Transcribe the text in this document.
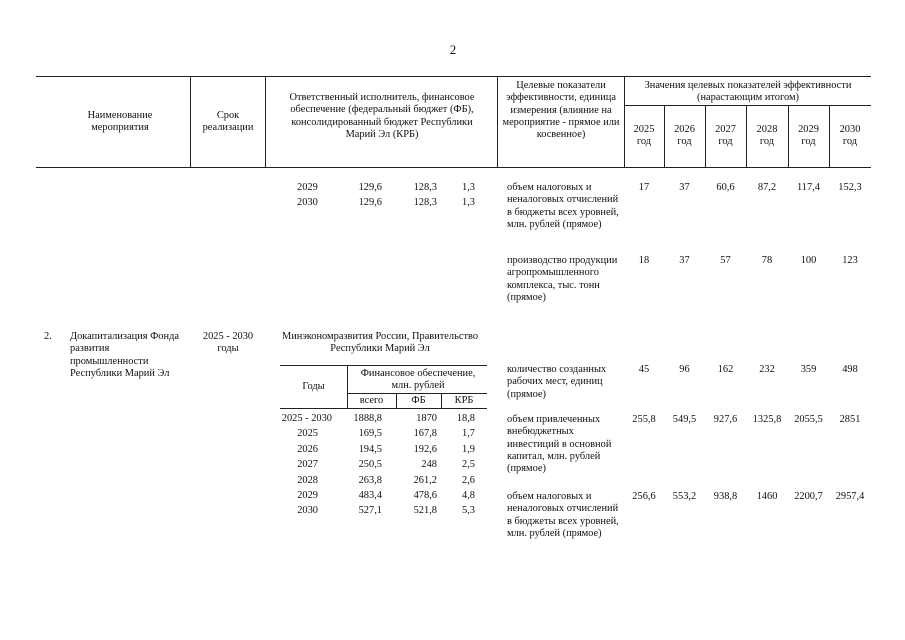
2
Наименование мероприятия
Срок реализации
Ответственный исполнитель, финансовое обеспечение (федеральный бюджет (ФБ), консолидированный бюджет Республики Марий Эл (КРБ)
Целевые показатели эффективности, единица измерения (влияние на мероприятие - прямое или косвенное)
Значения целевых показателей эффективности (нарастающим итогом)
2025
год
2026
год
2027
год
2028
год
2029
год
2030
год
2029	129,6	128,3	1,3
2030	129,6	128,3	1,3
объем налоговых и неналоговых отчислений в бюджеты всех уровней, млн. рублей (прямое)
17	37	60,6	87,2	117,4	152,3
производство продукции агропромышленного комплекса, тыс. тонн (прямое)
18	37	57	78	100	123
2. Докапитализация Фонда развития промышленности Республики Марий Эл
2025 - 2030 годы
Минэкономразвития России, Правительство Республики Марий Эл
Годы
Финансовое обеспечение, млн. рублей
всего	ФБ	КРБ
2025 - 2030	1888,8	1870	18,8
2025	169,5	167,8	1,7
2026	194,5	192,6	1,9
2027	250,5	248	2,5
2028	263,8	261,2	2,6
2029	483,4	478,6	4,8
2030	527,1	521,8	5,3
количество созданных рабочих мест, единиц (прямое)
45	96	162	232	359	498
объем привлеченных внебюджетных инвестиций в основной капитал, млн. рублей (прямое)
255,8	549,5	927,6	1325,8	2055,5	2851
объем налоговых и неналоговых отчислений в бюджеты всех уровней, млн. рублей (прямое)
256,6	553,2	938,8	1460	2200,7	2957,4
